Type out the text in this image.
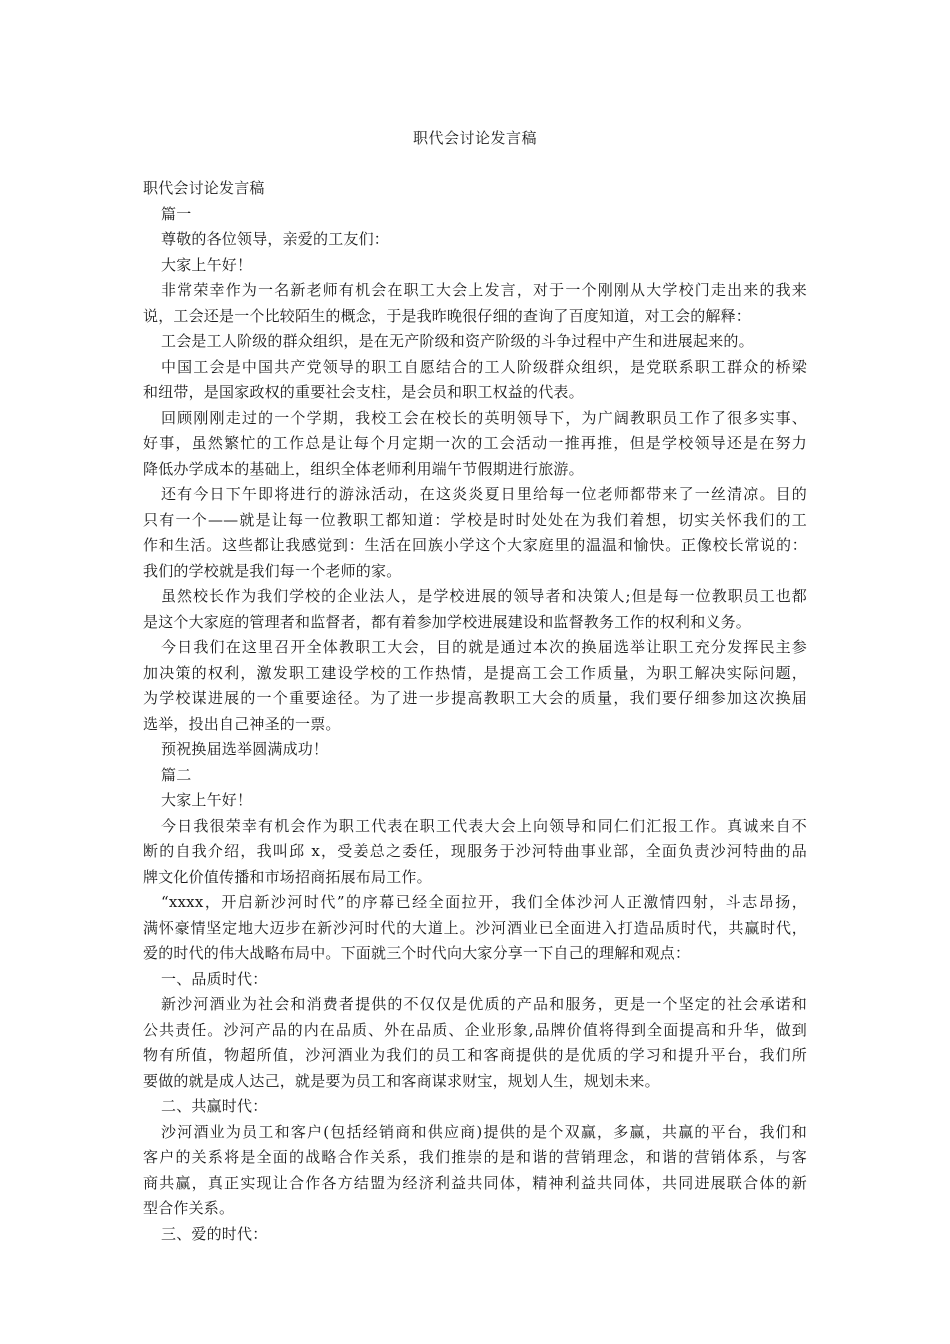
职代会讨论发言稿
职代会讨论发言稿
篇一
尊敬的各位领导，亲爱的工友们：
大家上午好！
非常荣幸作为一名新老师有机会在职工大会上发言，对于一个刚刚从大学校门走出来的我来
说，工会还是一个比较陌生的概念，于是我昨晚很仔细的查询了百度知道，对工会的解释：
工会是工人阶级的群众组织，是在无产阶级和资产阶级的斗争过程中产生和进展起来的。
中国工会是中国共产党领导的职工自愿结合的工人阶级群众组织，是党联系职工群众的桥梁
和纽带，是国家政权的重要社会支柱，是会员和职工权益的代表。
回顾刚刚走过的一个学期，我校工会在校长的英明领导下，为广阔教职员工作了很多实事、
好事，虽然繁忙的工作总是让每个月定期一次的工会活动一推再推，但是学校领导还是在努力
降低办学成本的基础上，组织全体老师利用端午节假期进行旅游。
还有今日下午即将进行的游泳活动，在这炎炎夏日里给每一位老师都带来了一丝清凉。目的
只有一个——就是让每一位教职工都知道：学校是时时处处在为我们着想，切实关怀我们的工
作和生活。这些都让我感觉到：生活在回族小学这个大家庭里的温温和愉快。正像校长常说的：
我们的学校就是我们每一个老师的家。
虽然校长作为我们学校的企业法人，是学校进展的领导者和决策人;但是每一位教职员工也都
是这个大家庭的管理者和监督者，都有着参加学校进展建设和监督教务工作的权利和义务。
今日我们在这里召开全体教职工大会，目的就是通过本次的换届选举让职工充分发挥民主参
加决策的权利，激发职工建设学校的工作热情，是提高工会工作质量，为职工解决实际问题，
为学校谋进展的一个重要途径。为了进一步提高教职工大会的质量，我们要仔细参加这次换届
选举，投出自己神圣的一票。
预祝换届选举圆满成功！
篇二
大家上午好！
今日我很荣幸有机会作为职工代表在职工代表大会上向领导和同仁们汇报工作。真诚来自不
断的自我介绍，我叫邱 x，受姜总之委任，现服务于沙河特曲事业部，全面负责沙河特曲的品
牌文化价值传播和市场招商拓展布局工作。
“xxxx，开启新沙河时代”的序幕已经全面拉开，我们全体沙河人正激情四射，斗志昂扬，
满怀豪情坚定地大迈步在新沙河时代的大道上。沙河酒业已全面进入打造品质时代，共赢时代，
爱的时代的伟大战略布局中。下面就三个时代向大家分享一下自己的理解和观点：
一、品质时代：
新沙河酒业为社会和消费者提供的不仅仅是优质的产品和服务，更是一个坚定的社会承诺和
公共责任。沙河产品的内在品质、外在品质、企业形象,品牌价值将得到全面提高和升华，做到
物有所值，物超所值，沙河酒业为我们的员工和客商提供的是优质的学习和提升平台，我们所
要做的就是成人达己，就是要为员工和客商谋求财宝，规划人生，规划未来。
二、共赢时代：
沙河酒业为员工和客户(包括经销商和供应商)提供的是个双赢，多赢，共赢的平台，我们和
客户的关系将是全面的战略合作关系，我们推崇的是和谐的营销理念，和谐的营销体系，与客
商共赢，真正实现让合作各方结盟为经济利益共同体，精神利益共同体，共同进展联合体的新
型合作关系。
三、爱的时代：
